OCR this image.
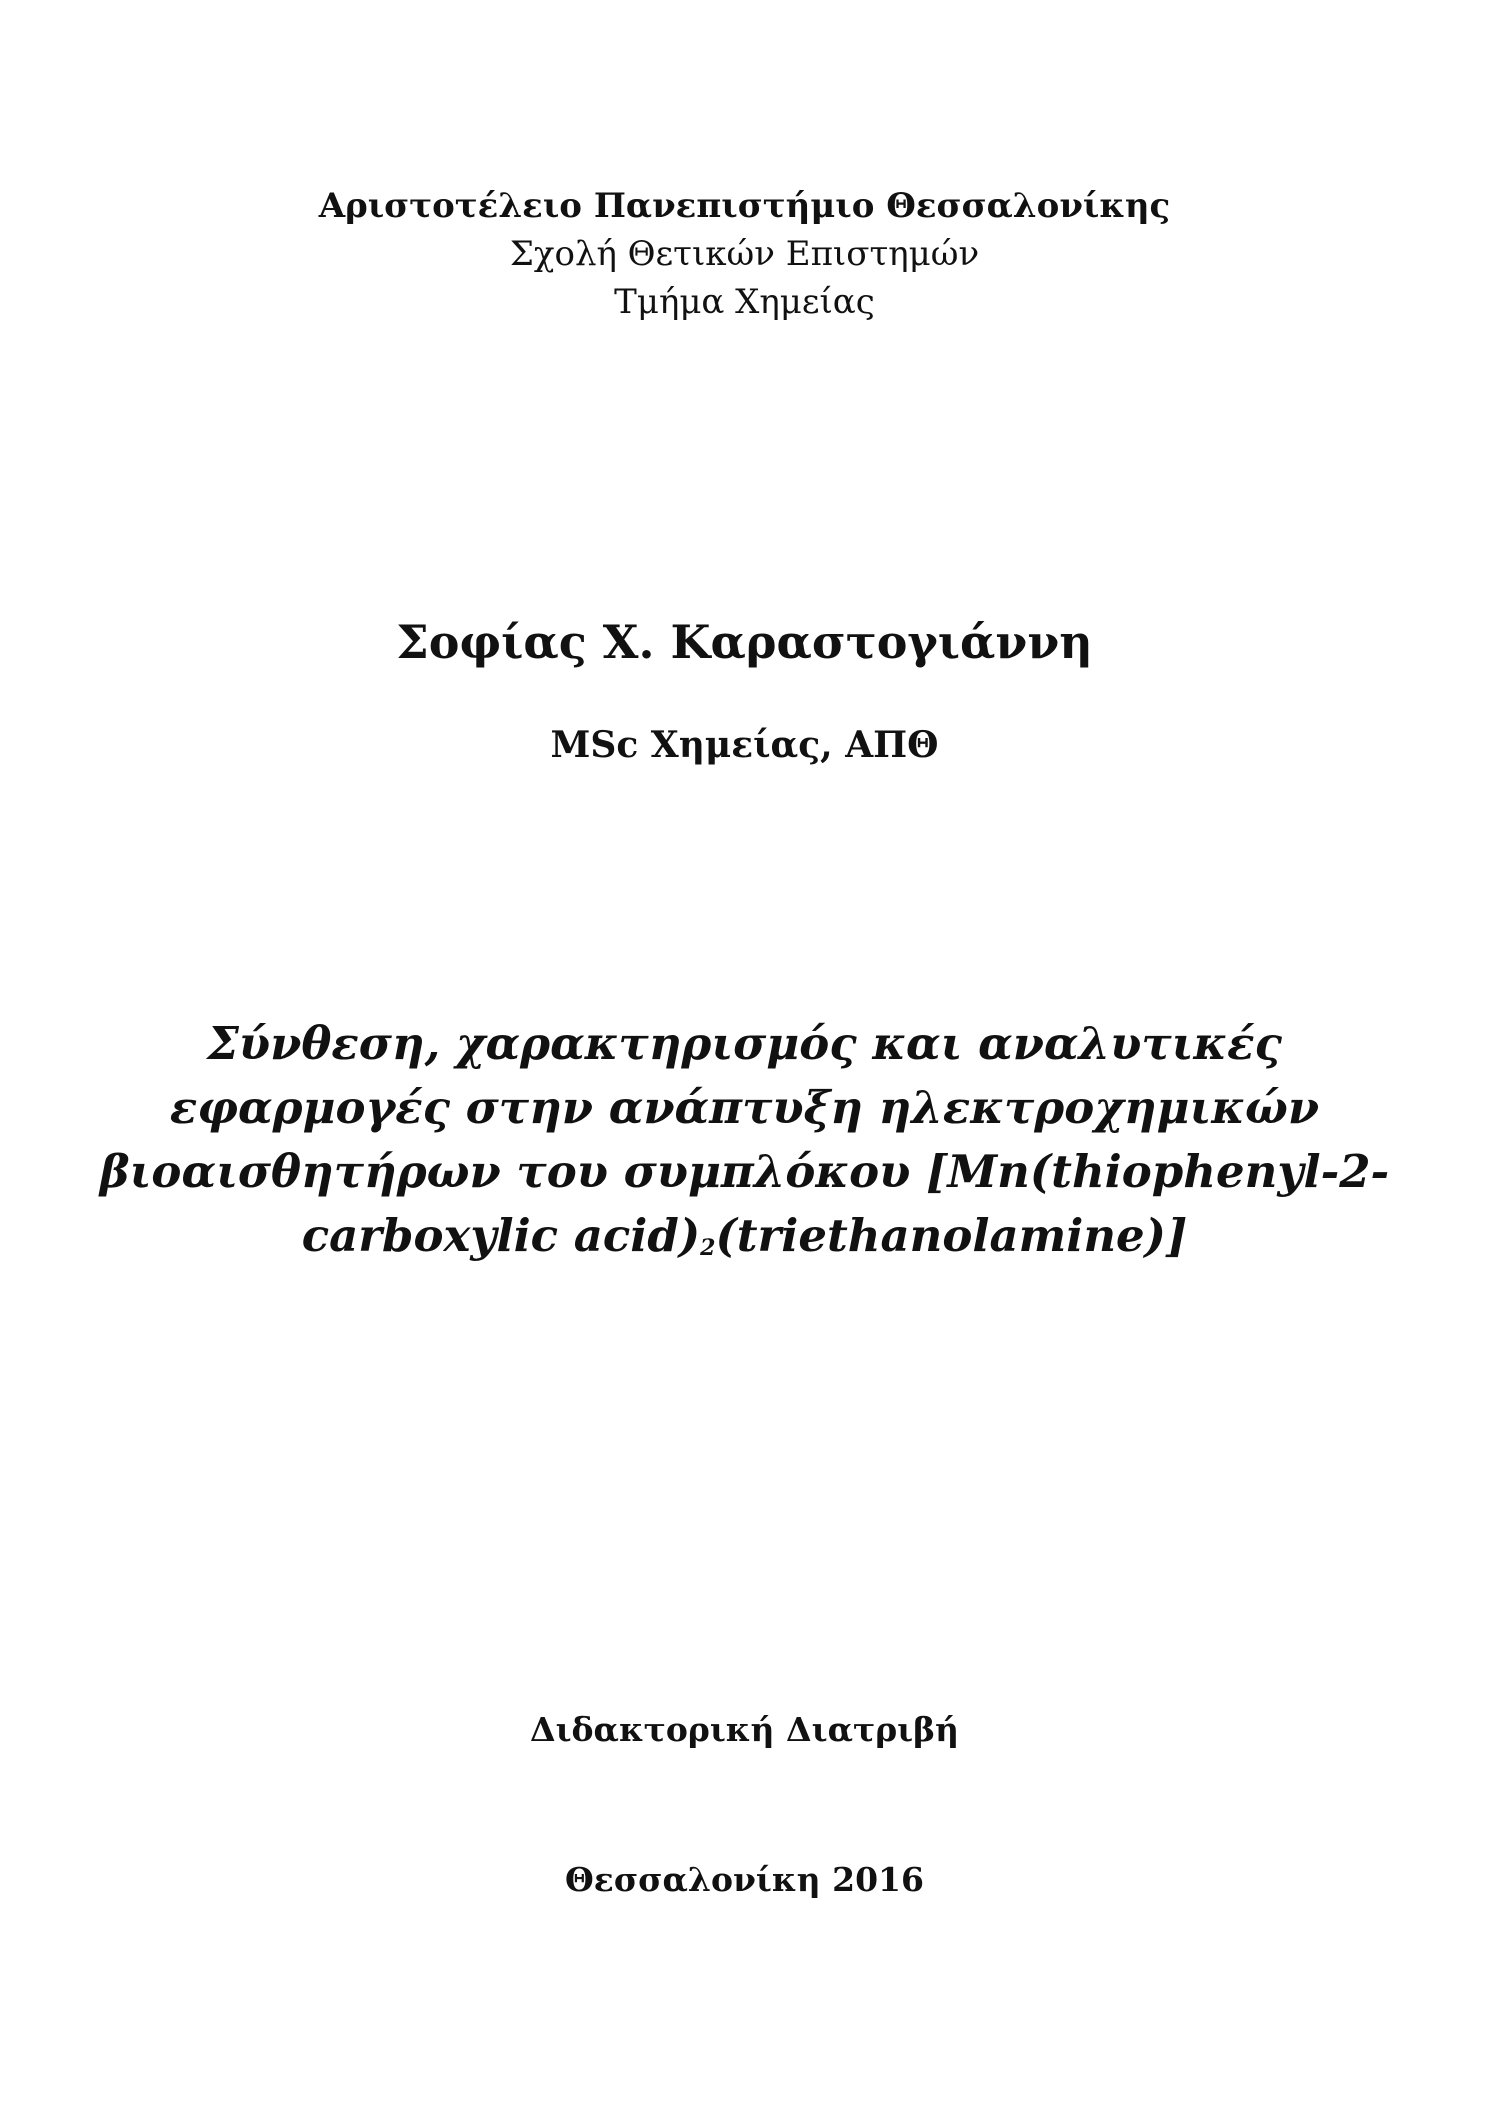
Αριστοτέλειο Πανεπιστήμιο Θεσσαλονίκης
Σχολή Θετικών Επιστημών
Τμήμα Χημείας
Σοφίας Χ. Καραστογιάννη
MSc Χημείας, ΑΠΘ
Σύνθεση, χαρακτηρισμός και αναλυτικές
εφαρμογές στην ανάπτυξη ηλεκτροχημικών
βιοαισθητήρων του συμπλόκου [Mn(thiophenyl-2-
carboxylic acid)2(triethanolamine)]
Διδακτορική Διατριβή
Θεσσαλονίκη 2016
